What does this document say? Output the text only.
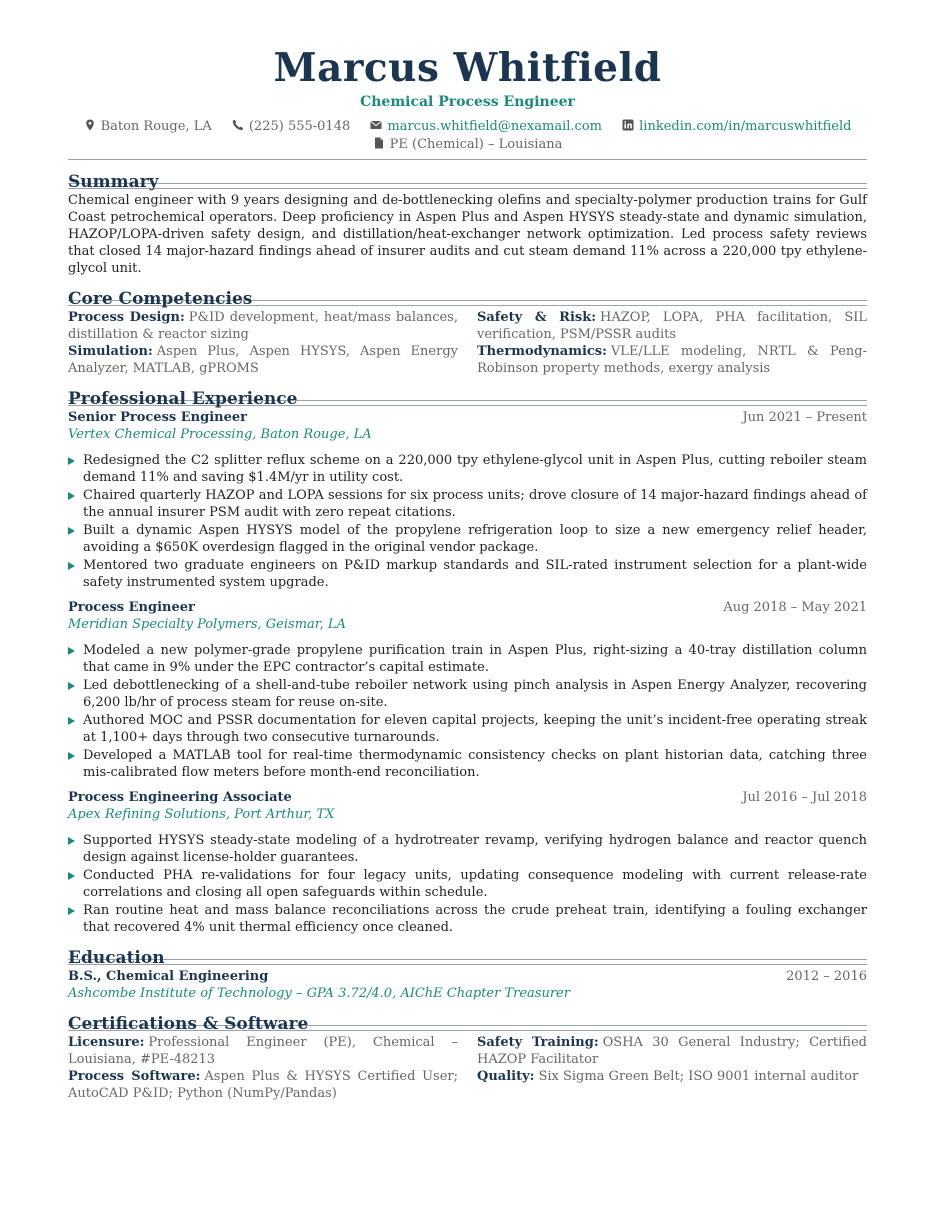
Marcus Whitfield
Chemical Process Engineer
Baton Rouge, LA	(225) 555-0148	marcus.whitfield@nexamail.com	linkedin.com/in/marcuswhitfield PE (Chemical) – Louisiana
Summary

Chemical engineer with 9 years designing and de-bottlenecking olefins and specialty-polymer production trains for Gulf Coast petrochemical operators. Deep proficiency in Aspen Plus and Aspen HYSYS steady-state and dynamic simulation, HAZOP/LOPA-driven safety design, and distillation/heat-exchanger network optimization. Led process safety reviews that closed 14 major-hazard findings ahead of insurer audits and cut steam demand 11% across a 220,000 tpy ethylene-glycol unit.

Core Competencies
Process Design: P&ID development, heat/mass balances, distillation & reactor sizing
Safety & Risk: HAZOP, LOPA, PHA facilitation, SIL verification, PSM/PSSR audits
Simulation: Aspen Plus, Aspen HYSYS, Aspen Energy Analyzer, MATLAB, gPROMS
Thermodynamics: VLE/LLE modeling, NRTL & Peng-Robinson property methods, exergy analysis
Professional Experience
Senior Process Engineer	Jun 2021 – Present
Vertex Chemical Processing, Baton Rouge, LA
Redesigned the C2 splitter reflux scheme on a 220,000 tpy ethylene-glycol unit in Aspen Plus, cutting reboiler steam demand 11% and saving $1.4M/yr in utility cost.
Chaired quarterly HAZOP and LOPA sessions for six process units; drove closure of 14 major-hazard findings ahead of the annual insurer PSM audit with zero repeat citations.
Built a dynamic Aspen HYSYS model of the propylene refrigeration loop to size a new emergency relief header, avoiding a $650K overdesign flagged in the original vendor package.
Mentored two graduate engineers on P&ID markup standards and SIL-rated instrument selection for a plant-wide safety instrumented system upgrade.
Process Engineer	Aug 2018 – May 2021
Meridian Specialty Polymers, Geismar, LA
Modeled a new polymer-grade propylene purification train in Aspen Plus, right-sizing a 40-tray distillation column that came in 9% under the EPC contractor’s capital estimate.
Led debottlenecking of a shell-and-tube reboiler network using pinch analysis in Aspen Energy Analyzer, recovering 6,200 lb/hr of process steam for reuse on-site.
Authored MOC and PSSR documentation for eleven capital projects, keeping the unit’s incident-free operating streak at 1,100+ days through two consecutive turnarounds.
Developed a MATLAB tool for real-time thermodynamic consistency checks on plant historian data, catching three mis-calibrated flow meters before month-end reconciliation.
Process Engineering Associate	Jul 2016 – Jul 2018
Apex Refining Solutions, Port Arthur, TX
Supported HYSYS steady-state modeling of a hydrotreater revamp, verifying hydrogen balance and reactor quench design against license-holder guarantees.
Conducted PHA re-validations for four legacy units, updating consequence modeling with current release-rate correlations and closing all open safeguards within schedule.
Ran routine heat and mass balance reconciliations across the crude preheat train, identifying a fouling exchanger that recovered 4% unit thermal efficiency once cleaned.
Education
B.S., Chemical Engineering	2012 – 2016
Ashcombe Institute of Technology – GPA 3.72/4.0, AIChE Chapter Treasurer
Certifications & Software
Licensure: Professional Engineer (PE), Chemical – Louisiana, #PE-48213
Safety Training: OSHA 30 General Industry; Certified HAZOP Facilitator
Process Software: Aspen Plus & HYSYS Certified User; AutoCAD P&ID; Python (NumPy/Pandas)
Quality: Six Sigma Green Belt; ISO 9001 internal auditor
